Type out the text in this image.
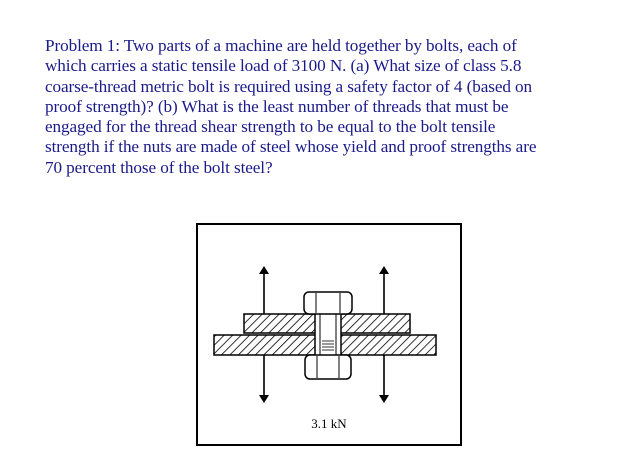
Problem 1: Two parts of a machine are held together by bolts, each of
which carries a static tensile load of 3100 N. (a) What size of class 5.8
coarse-thread metric bolt is required using a safety factor of 4 (based on
proof strength)? (b) What is the least number of threads that must be
engaged for the thread shear strength to be equal to the bolt tensile
strength if the nuts are made of steel whose yield and proof strengths are
70 percent those of the bolt steel?
3.1 kN
